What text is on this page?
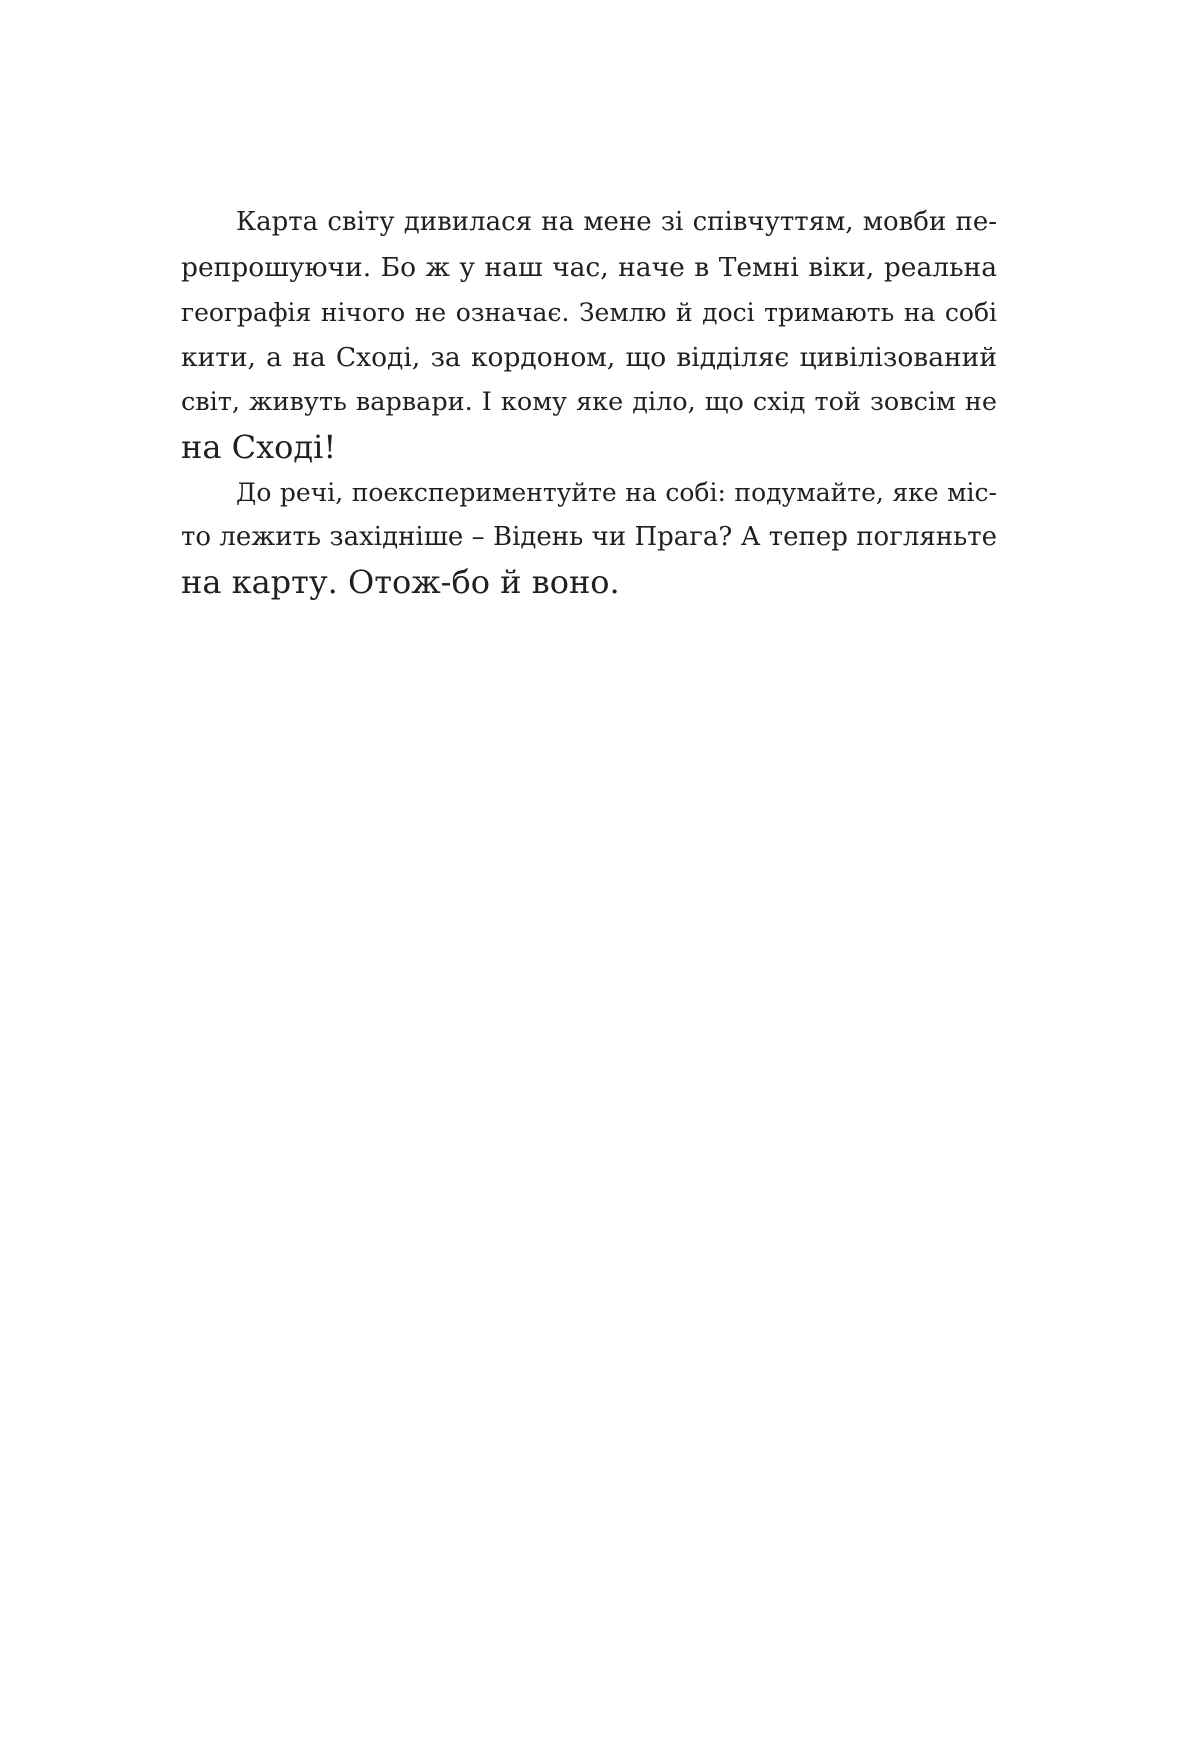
Карта світу дивилася на мене зі співчуттям, мовби пе-
репрошуючи. Бо ж у наш час, наче в Темні віки, реальна
географія нічого не означає. Землю й досі тримають на собі
кити, а на Сході, за кордоном, що відділяє цивілізований
світ, живуть варвари. І кому яке діло, що схід той зовсім не
на Сході!
До речі, поекспериментуйте на собі: подумайте, яке міс-
то лежить західніше – Відень чи Прага? А тепер погляньте
на карту. Отож-бо й воно.
